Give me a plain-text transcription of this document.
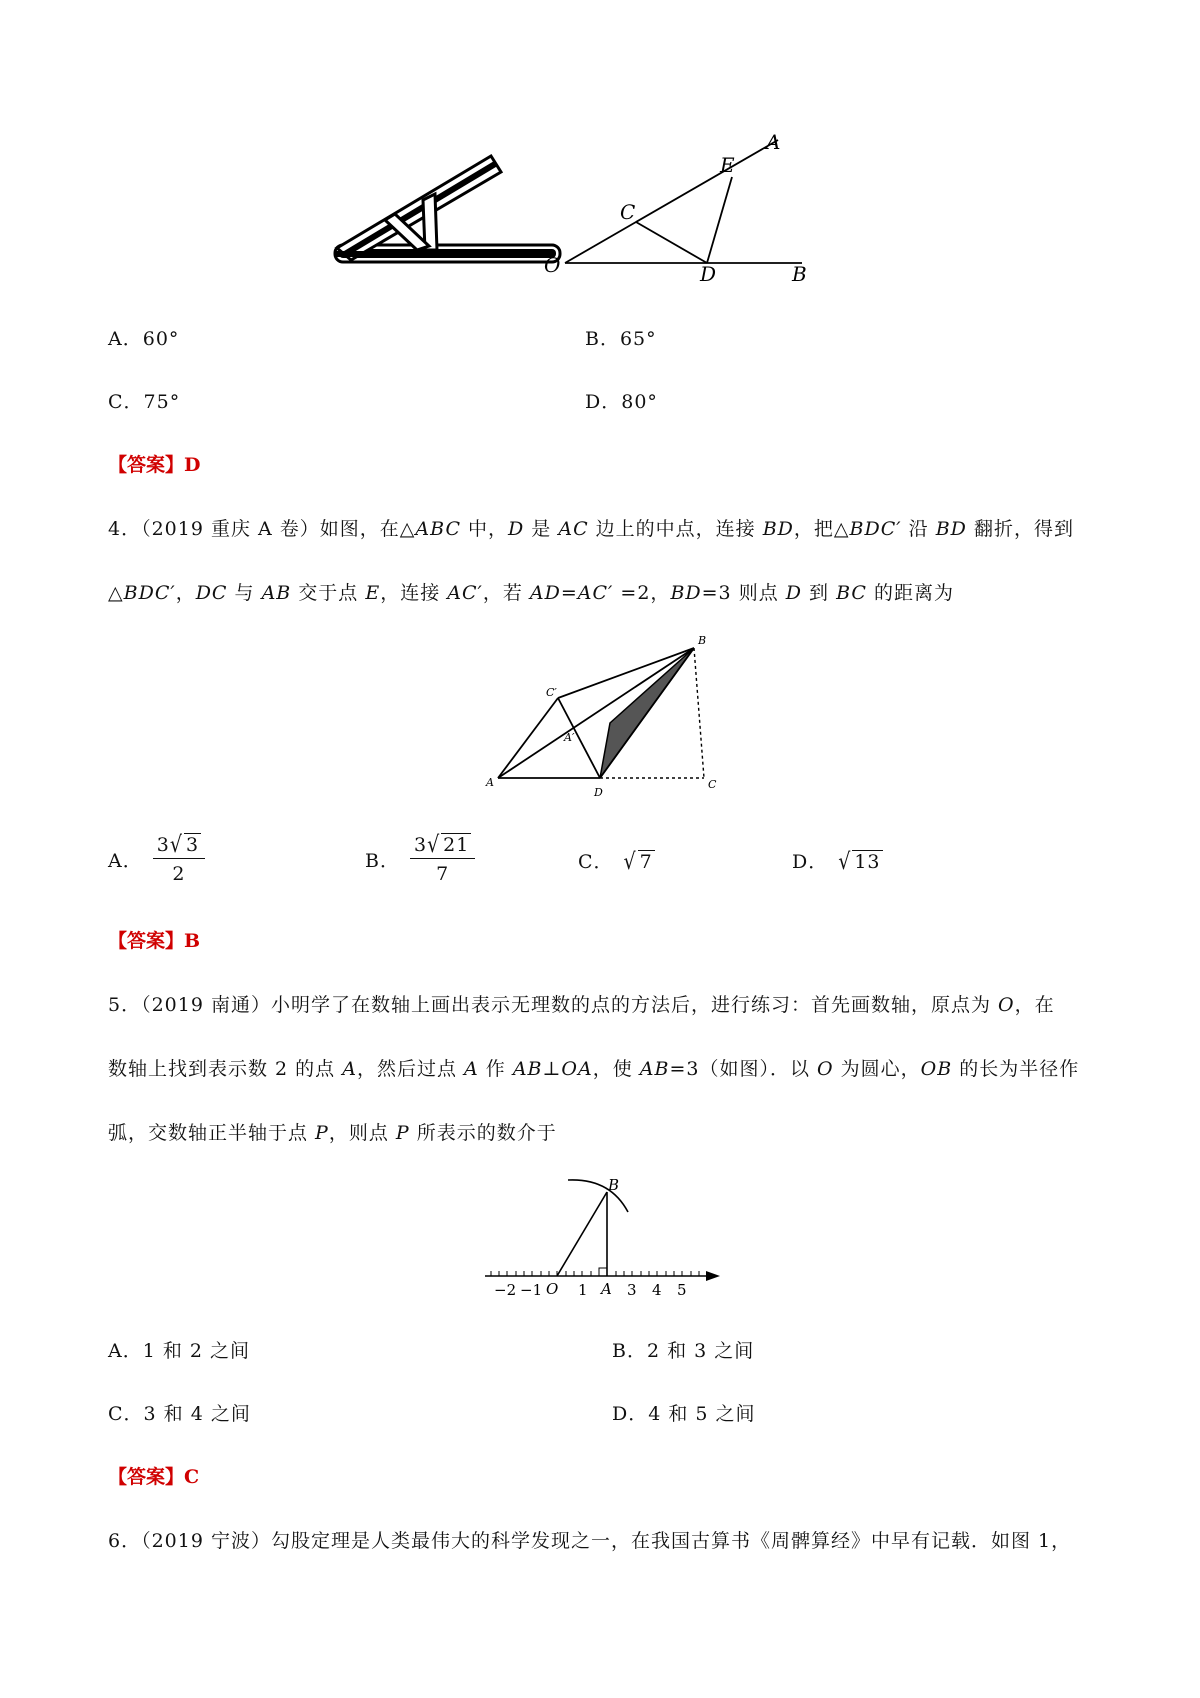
A
E
C
O	D	B
A．60°	B．65°
C．75°	D．80°
【答案】D
4．（2019 重庆 A 卷）如图，在△ABC 中，D 是 AC 边上的中点，连接 BD，把△BDC′ 沿 BD 翻折，得到
△BDC′，DC 与 AB 交于点 E，连接 AC′，若 AD=AC′ =2，BD=3 则点 D 到 BC 的距离为
B
C′
A′
A
D
C
A． $\frac{3√ 3}{2}$	B． $\frac{3√ 21}{7}$	C． √ 7	D． √ 13
【答案】B
5．（2019 南通）小明学了在数轴上画出表示无理数的点的方法后，进行练习：首先画数轴，原点为 O，在
数轴上找到表示数 2 的点 A，然后过点 A 作 AB⊥OA，使 AB=3（如图）．以 O 为圆心，OB 的长为半径作
弧，交数轴正半轴于点 P，则点 P 所表示的数介于
B
−2 −1 O 1 A 3 4 5
A．1 和 2 之间	B．2 和 3 之间
C．3 和 4 之间	D．4 和 5 之间
【答案】C
6．（2019 宁波）勾股定理是人类最伟大的科学发现之一，在我国古算书《周髀算经》中早有记载．如图 1，
